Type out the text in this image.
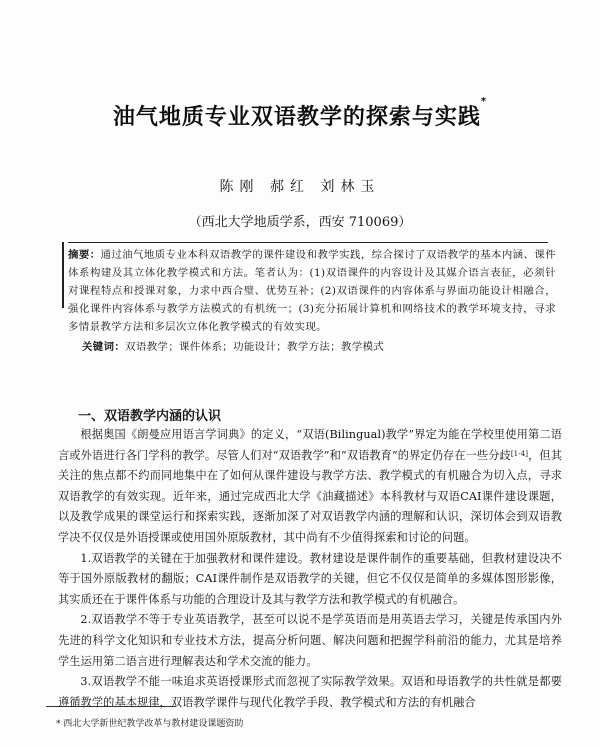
油气地质专业双语教学的探索与实践*
陈刚 郝红 刘林玉
（西北大学地质学系，西安 710069）
摘要：通过油气地质专业本科双语教学的课件建设和教学实践，综合探讨了双语教学的基本内涵、课件体系构建及其立体化教学模式和方法。笔者认为：(1)双语课件的内容设计及其媒介语言表征，必须针对课程特点和授课对象，力求中西合璧、优势互补；(2)双语课件的内容体系与界面功能设计相融合，强化课件内容体系与教学方法模式的有机统一；(3)充分拓展计算机和网络技术的教学环境支持，寻求多情景教学方法和多层次立体化教学模式的有效实现。
关键词：双语教学；课件体系；功能设计；教学方法；教学模式
一、双语教学内涵的认识

根据奥国《朗曼应用语言学词典》的定义，“双语(Bilingual)教学”界定为能在学校里使用第二语言或外语进行各门学科的教学。尽管人们对“双语教学”和“双语教育”的界定仍存在一些分歧[1-4]，但其关注的焦点都不约而同地集中在了如何从课件建设与教学方法、教学模式的有机融合为切入点，寻求双语教学的有效实现。近年来，通过完成西北大学《油藏描述》本科教材与双语CAI课件建设课题，以及教学成果的课堂运行和探索实践，逐渐加深了对双语教学内涵的理解和认识，深切体会到双语教学决不仅仅是外语授课或使用国外原版教材，其中尚有不少值得探索和讨论的问题。

1.双语教学的关键在于加强教材和课件建设。教材建设是课件制作的重要基础，但教材建设决不等于国外原版教材的翻版；CAI课件制作是双语教学的关键，但它不仅仅是简单的多媒体图形影像，其实质还在于课件体系与功能的合理设计及其与教学方法和教学模式的有机融合。

2.双语教学不等于专业英语教学，甚至可以说不是学英语而是用英语去学习，关键是传承国内外先进的科学文化知识和专业技术方法，提高分析问题、解决问题和把握学科前沿的能力，尤其是培养学生运用第二语言进行理解表达和学术交流的能力。

3.双语教学不能一味追求英语授课形式而忽视了实际教学效果。双语和母语教学的共性就是都要遵循教学的基本规律，双语教学课件与现代化教学手段、教学模式和方法的有机融合

* 西北大学新世纪教学改革与教材建设课题资助
